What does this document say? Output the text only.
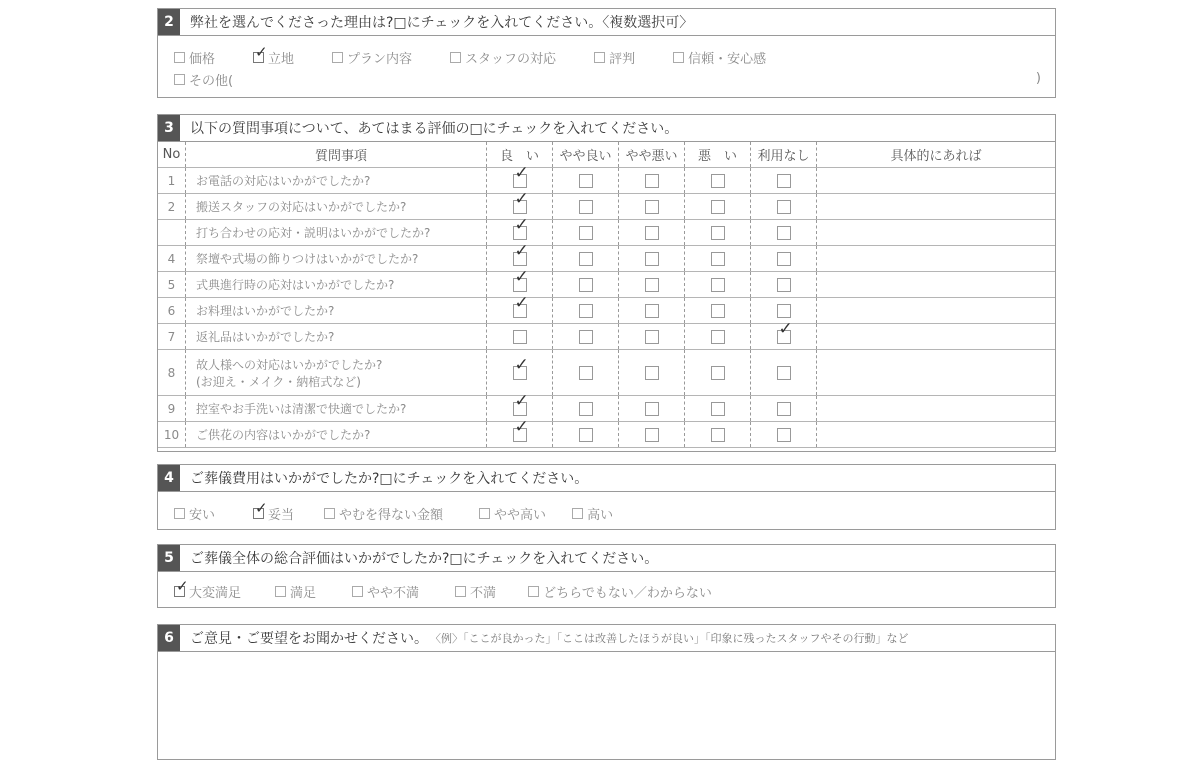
2	弊社を選んでくださった理由は?□にチェックを入れてください。〈複数選択可〉
価格	✓ 立地	プラン内容	スタッフの対応	評判	信頼・安心感
その他(	)
3	以下の質問事項について、あてはまる評価の□にチェックを入れてください。
No	質問事項	良　い	やや良い	やや悪い	悪　い	利用なし	具体的にあれば
1	お電話の対応はいかがでしたか?	✓					

2	搬送スタッフの対応はいかがでしたか?	✓					

	打ち合わせの応対・説明はいかがでしたか?	✓					

4	祭壇や式場の飾りつけはいかがでしたか?	✓					

5	式典進行時の応対はいかがでしたか?	✓					

6	お料理はいかがでしたか?	✓					

7	返礼品はいかがでしたか?					✓	

8	故人様への対応はいかがでしたか?
(お迎え・メイク・納棺式など)	✓					

9	控室やお手洗いは清潔で快適でしたか?	✓					

10	ご供花の内容はいかがでしたか?	✓					

4	ご葬儀費用はいかがでしたか?□にチェックを入れてください。
安い	✓ 妥当	やむを得ない金額	やや高い	高い
5	ご葬儀全体の総合評価はいかがでしたか?□にチェックを入れてください。
✓ 大変満足	満足	やや不満	不満	どちらでもない／わからない
6	ご意見・ご要望をお聞かせください。 〈例〉「ここが良かった」「ここは改善したほうが良い」「印象に残ったスタッフやその行動」など
